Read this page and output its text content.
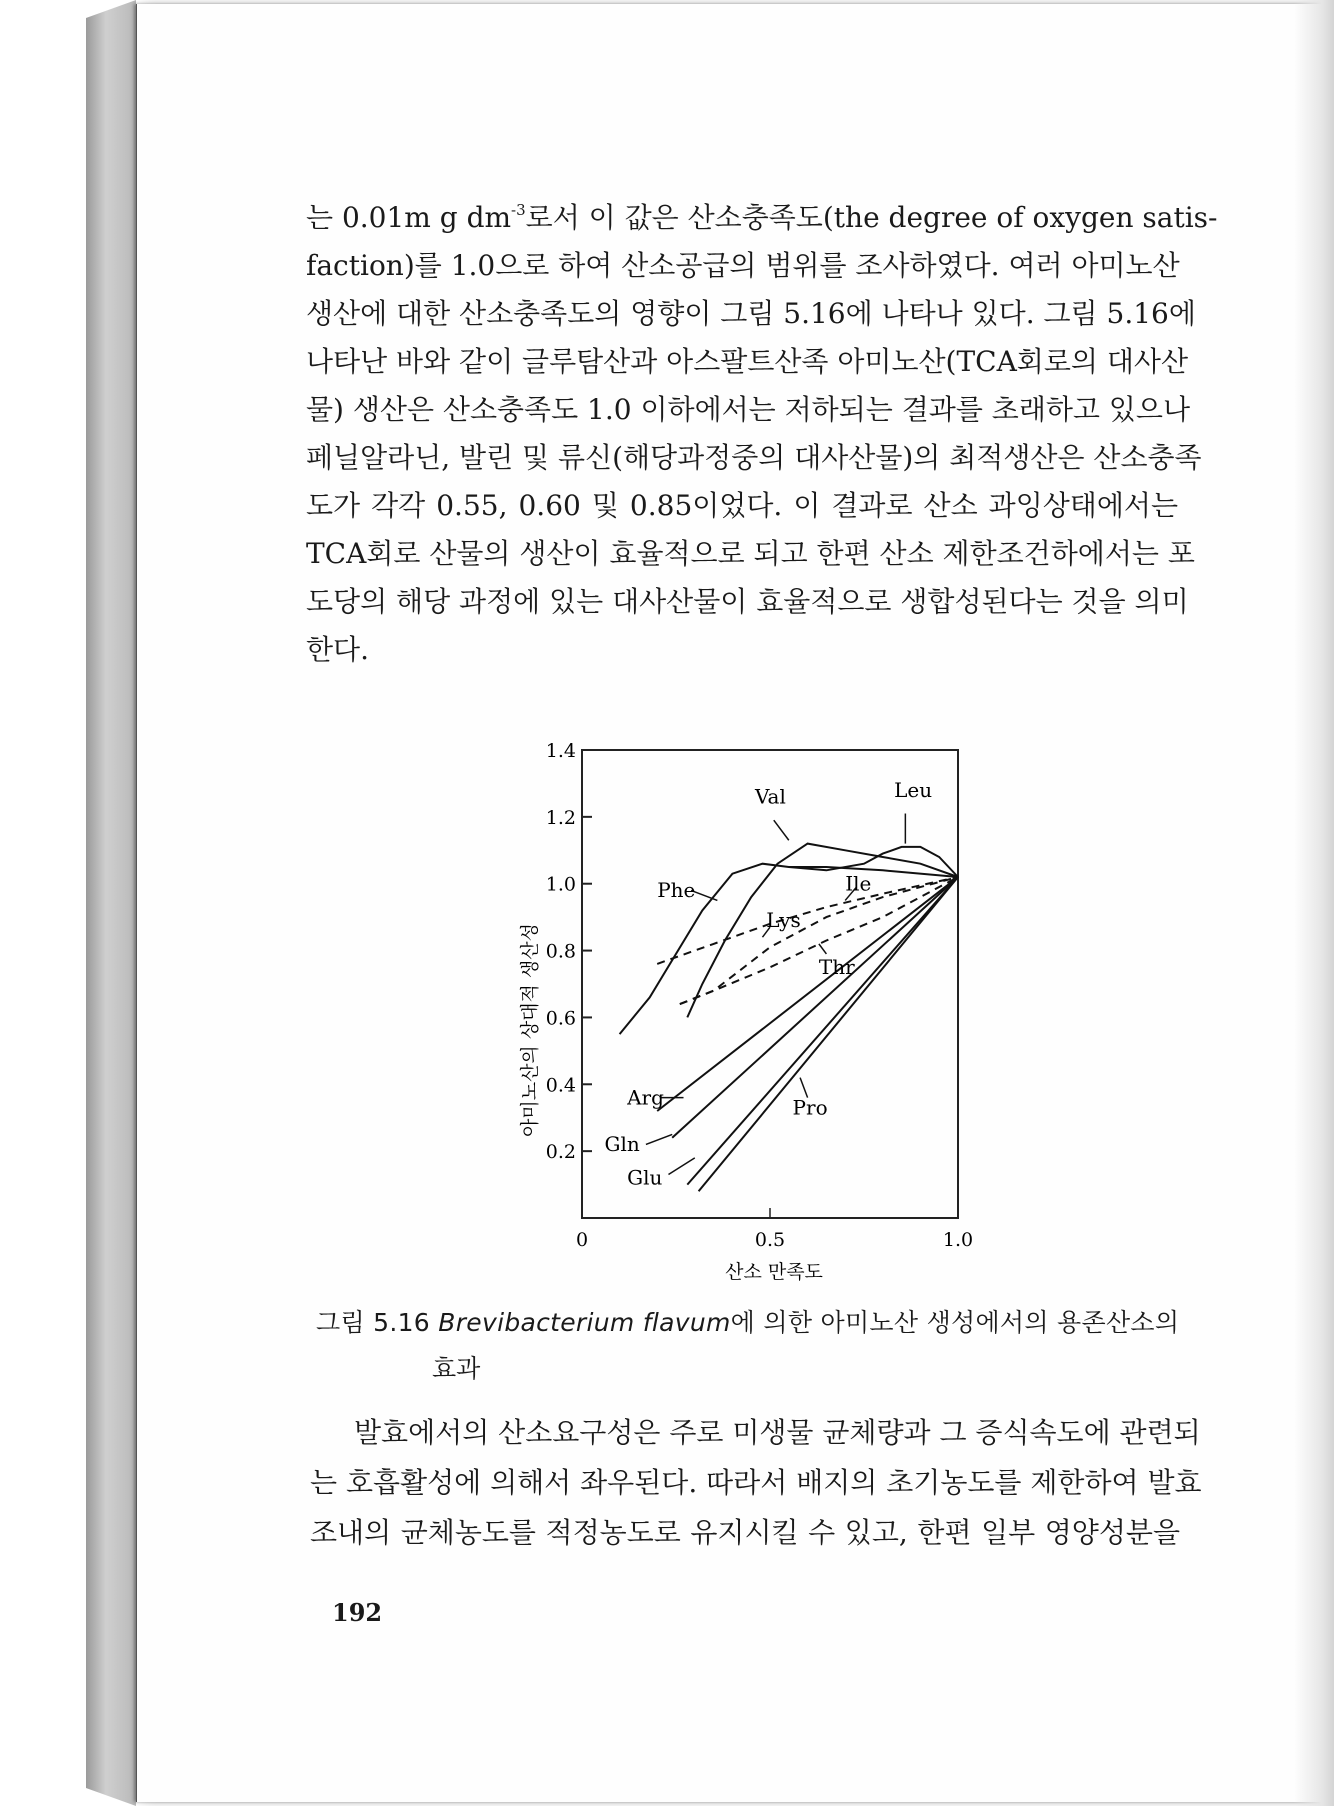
는 0.01m g $dm^{-3}$로서 이 값은 산소충족도(the degree of oxygen satis-
faction)를 1.0으로 하여 산소공급의 범위를 조사하였다. 여러 아미노산
생산에 대한 산소충족도의 영향이 그림 5.16에 나타나 있다. 그림 5.16에
나타난 바와 같이 글루탐산과 아스팔트산족 아미노산(TCA회로의 대사산
물) 생산은 산소충족도 1.0 이하에서는 저하되는 결과를 초래하고 있으나
페닐알라닌, 발린 및 류신(해당과정중의 대사산물)의 최적생산은 산소충족
도가 각각 0.55, 0.60 및 0.85이었다. 이 결과로 산소 과잉상태에서는
TCA회로 산물의 생산이 효율적으로 되고 한편 산소 제한조건하에서는 포
도당의 해당 과정에 있는 대사산물이 효율적으로 생합성된다는 것을 의미
한다.
아미노산의 상대적 생산성
0.2
0.4
0.6
0.8
1.0
1.2
1.4
0	0.5	1.0
Val	Leu
Phe
Lys
Ile
Thr
Arg
Gln
Glu
Pro
산소 만족도
그림 5.16 Brevibacterium flavum에 의한 아미노산 생성에서의 용존산소의
효과
발효에서의 산소요구성은 주로 미생물 균체량과 그 증식속도에 관련되
는 호흡활성에 의해서 좌우된다. 따라서 배지의 초기농도를 제한하여 발효
조내의 균체농도를 적정농도로 유지시킬 수 있고, 한편 일부 영양성분을
192
